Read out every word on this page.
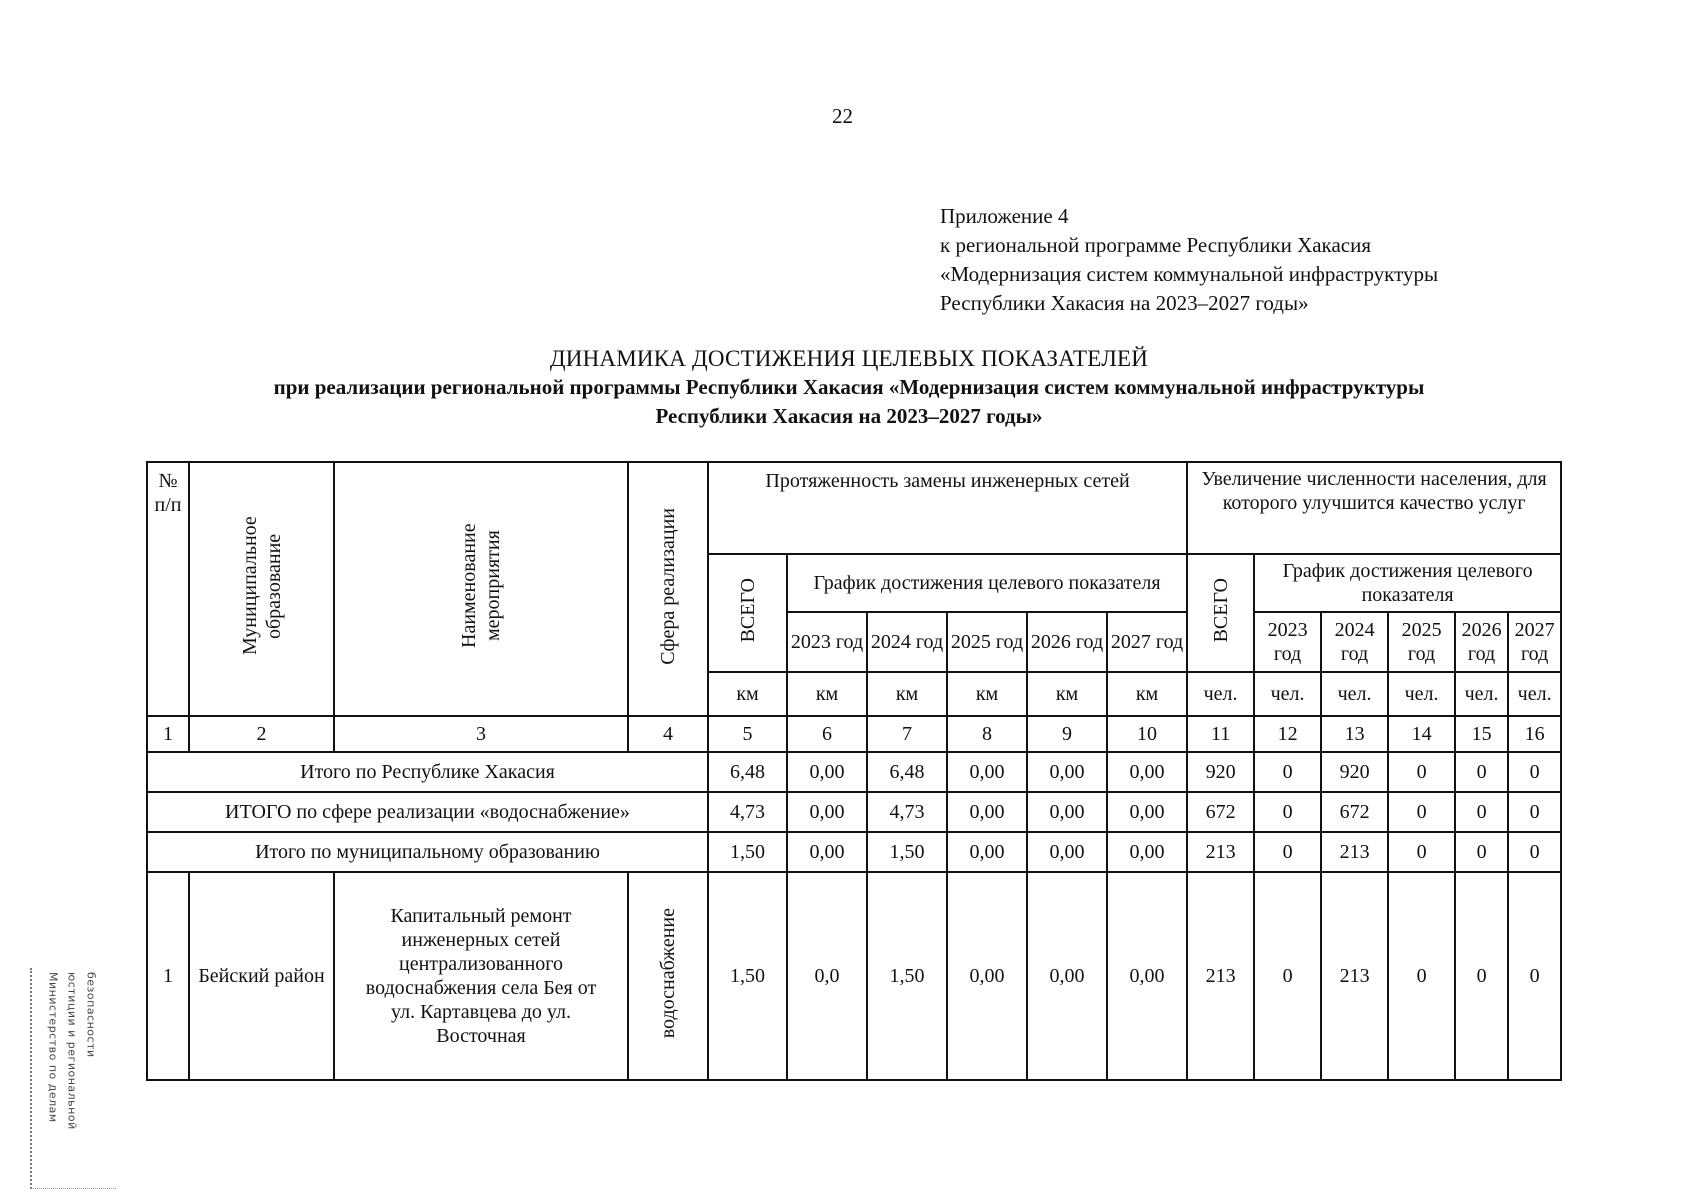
22
Приложение 4
к региональной программе Республики Хакасия
«Модернизация систем коммунальной инфраструктуры
Республики Хакасия на 2023–2027 годы»
ДИНАМИКА ДОСТИЖЕНИЯ ЦЕЛЕВЫХ ПОКАЗАТЕЛЕЙ
при реализации региональной программы Республики Хакасия «Модернизация систем коммунальной инфраструктуры
Республики Хакасия на 2023–2027 годы»
№ п/п	Муниципальное образование	Наименование мероприятия	Сфера реализации	Протяженность замены инженерных сетей						Увеличение численности населения, для которого улучшится качество услуг					
				ВСЕГО	График достижения целевого показателя					ВСЕГО	График достижения целевого показателя				
					2023 год	2024 год	2025 год	2026 год	2027 год		2023 год	2024 год	2025 год	2026 год	2027 год
				км	км	км	км	км	км	чел.	чел.	чел.	чел.	чел.	чел.
1	2	3	4	5	6	7	8	9	10	11	12	13	14	15	16
Итого по Республике Хакасия				6,48	0,00	6,48	0,00	0,00	0,00	920	0	920	0	0	0
ИТОГО по сфере реализации «водоснабжение»				4,73	0,00	4,73	0,00	0,00	0,00	672	0	672	0	0	0
Итого по муниципальному образованию				1,50	0,00	1,50	0,00	0,00	0,00	213	0	213	0	0	0
1	Бейский район	Капитальный ремонт инженерных сетей централизованного водоснабжения села Бея от ул. Картавцева до ул. Восточная	водоснабжение	1,50	0,0	1,50	0,00	0,00	0,00	213	0	213	0	0	0
Министерство по делам юстиции и региональной безопасности
